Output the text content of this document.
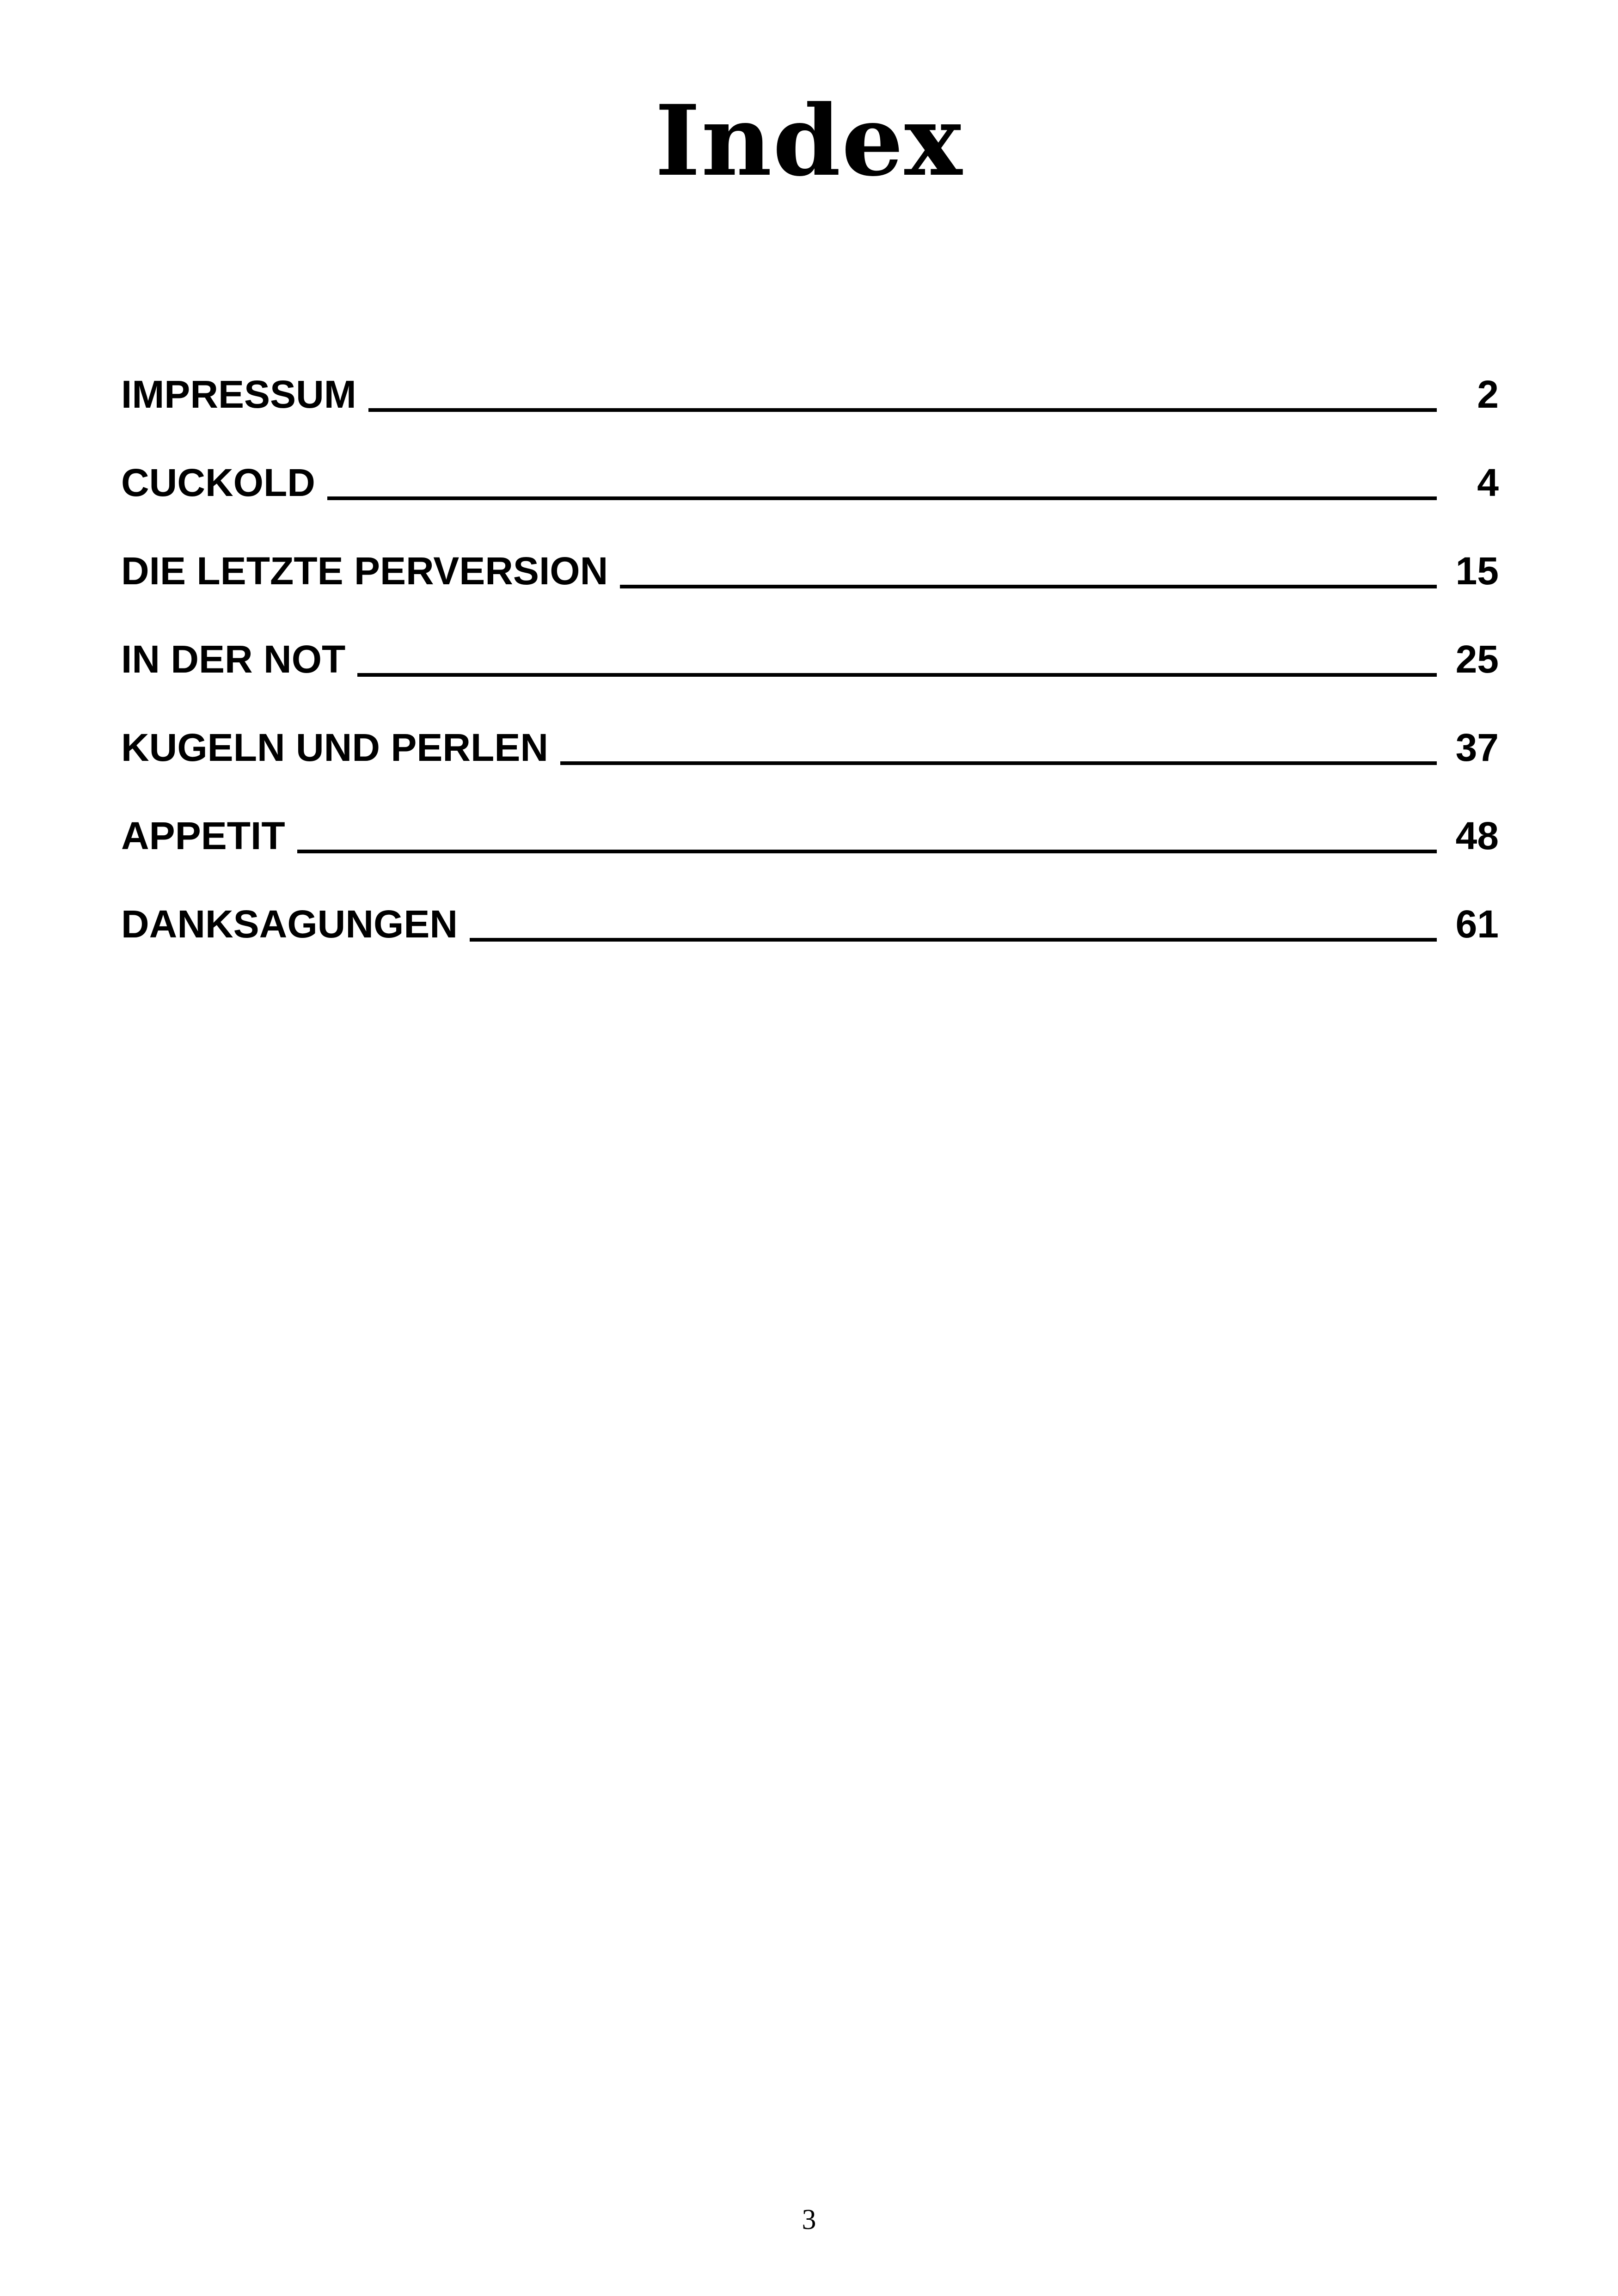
Index
IMPRESSUM	2
CUCKOLD	4
DIE LETZTE PERVERSION	15
IN DER NOT	25
KUGELN UND PERLEN	37
APPETIT	48
DANKSAGUNGEN	61
3
